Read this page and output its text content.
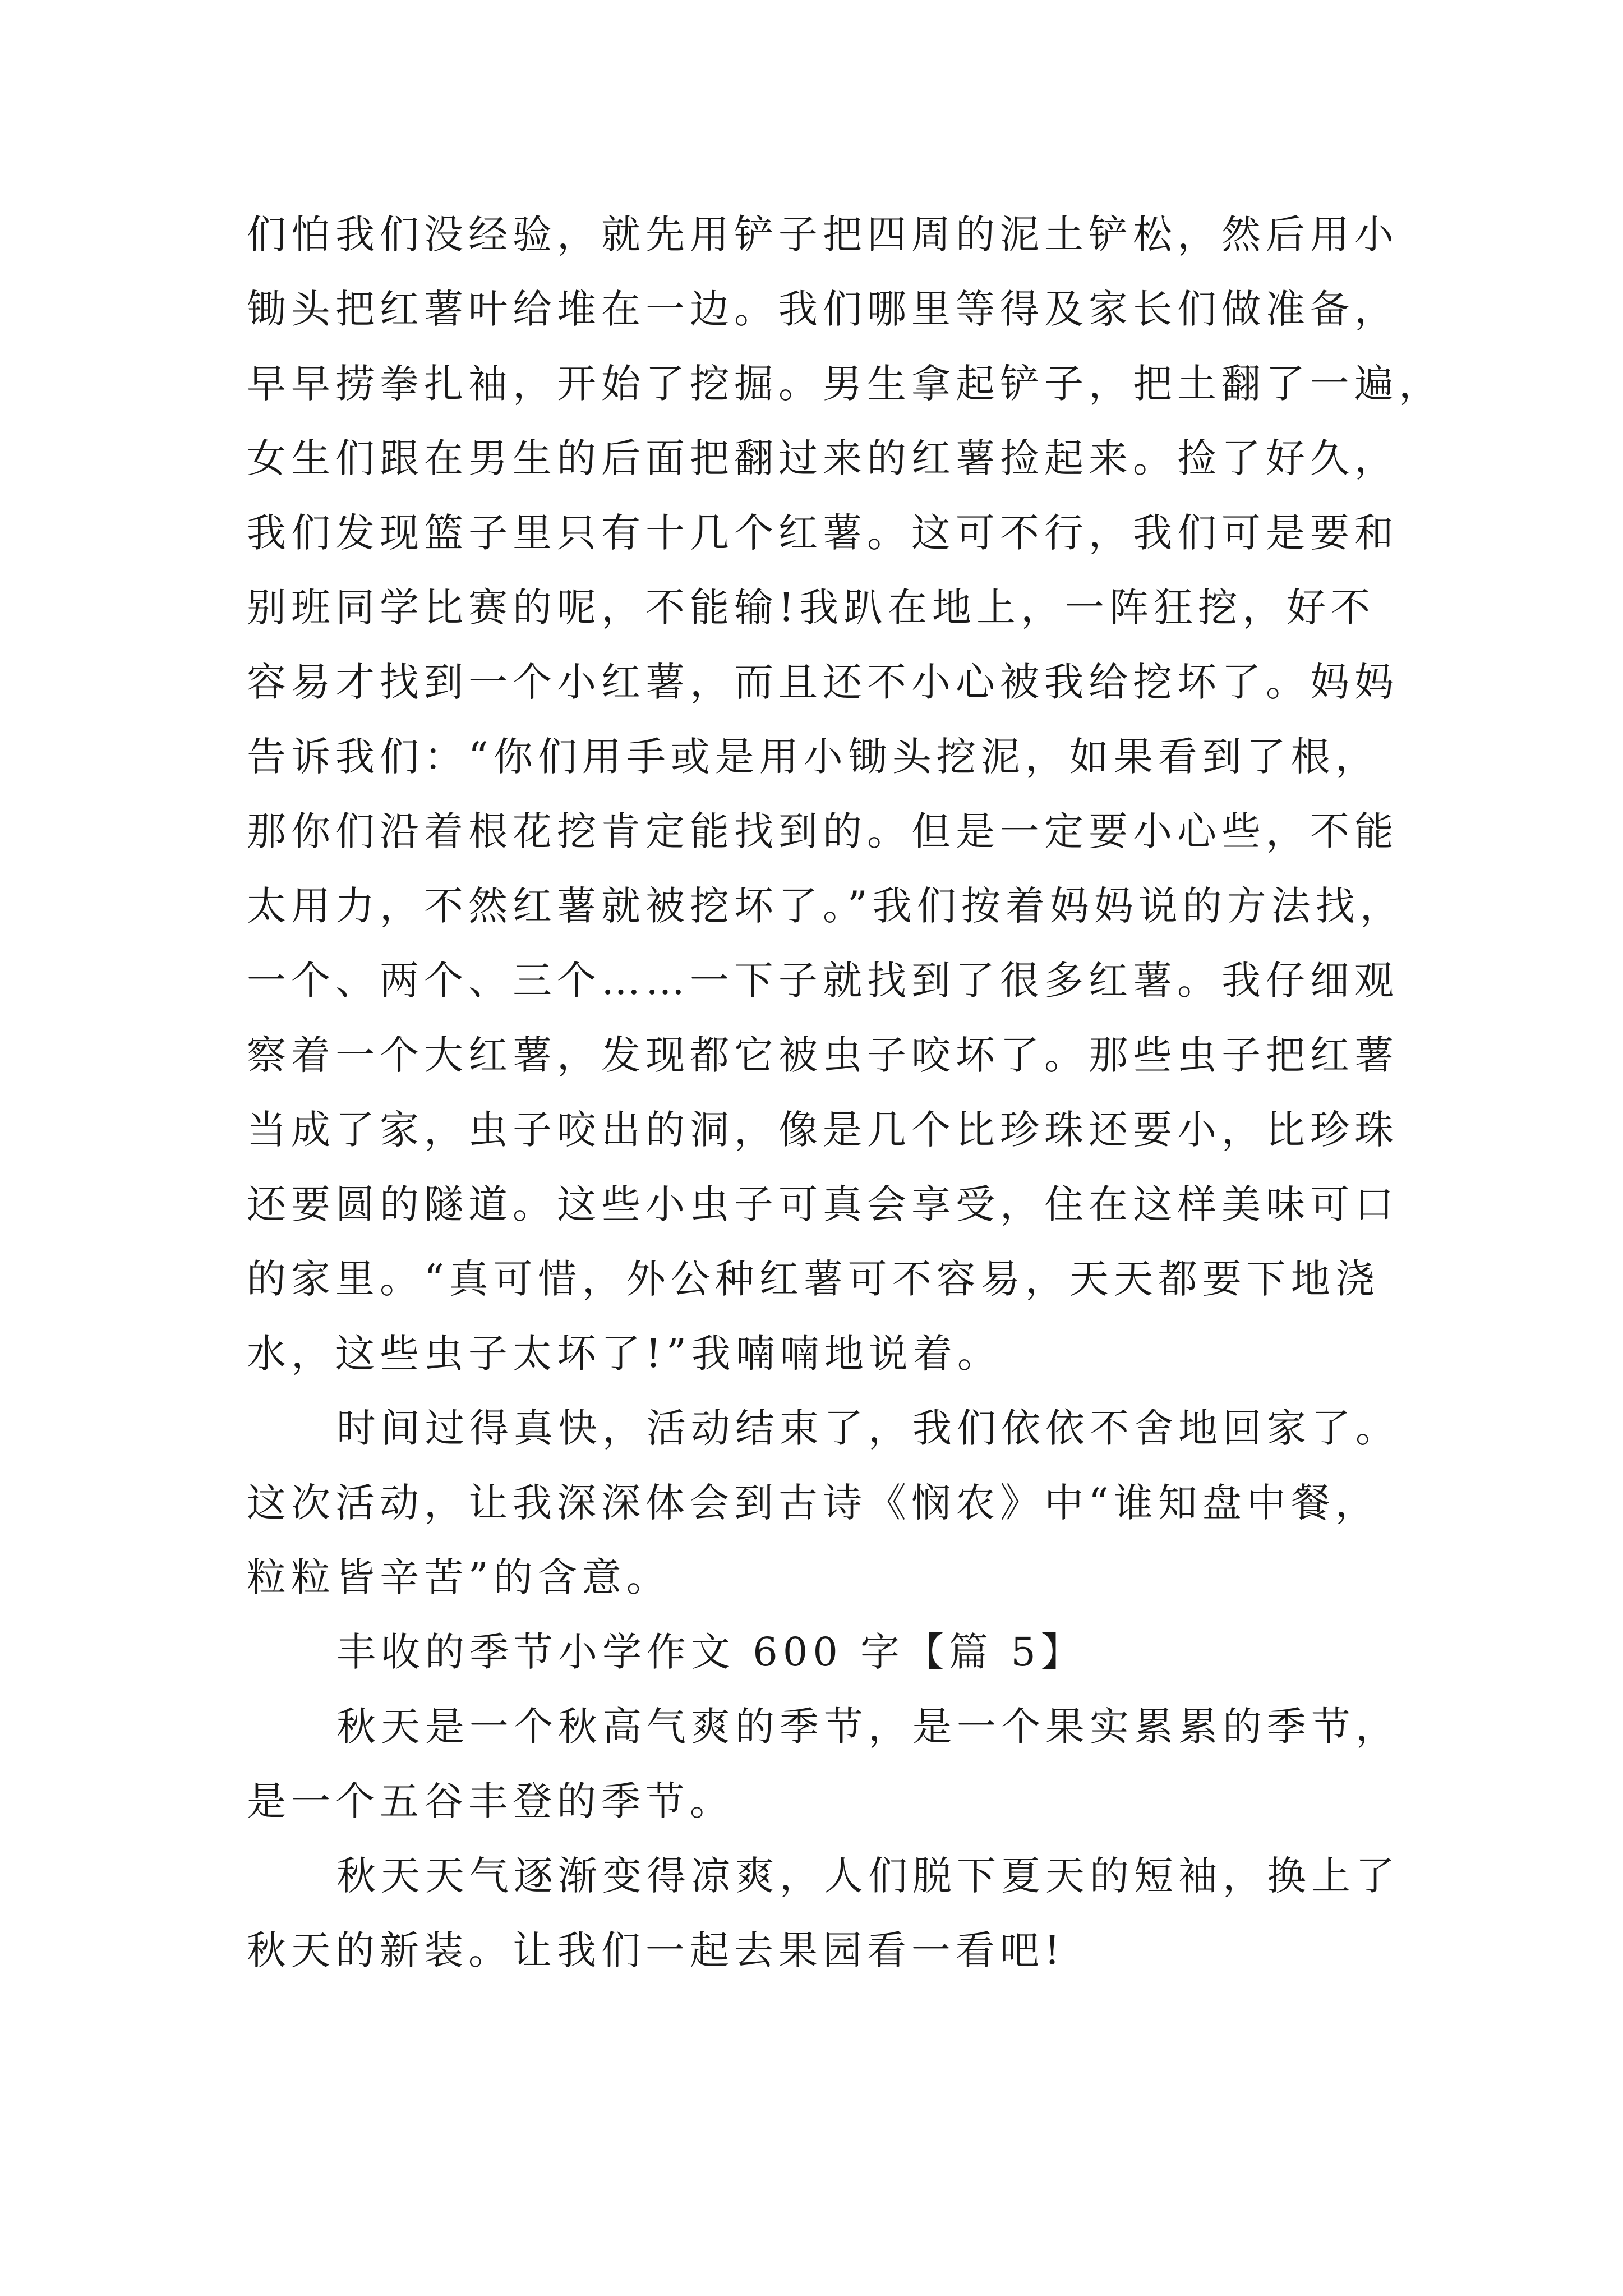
们怕我们没经验，就先用铲子把四周的泥土铲松，然后用小
锄头把红薯叶给堆在一边。我们哪里等得及家长们做准备，
早早捞拳扎袖，开始了挖掘。男生拿起铲子，把土翻了一遍，
女生们跟在男生的后面把翻过来的红薯捡起来。捡了好久，
我们发现篮子里只有十几个红薯。这可不行，我们可是要和
别班同学比赛的呢，不能输!我趴在地上，一阵狂挖，好不
容易才找到一个小红薯，而且还不小心被我给挖坏了。妈妈
告诉我们：“你们用手或是用小锄头挖泥，如果看到了根，
那你们沿着根花挖肯定能找到的。但是一定要小心些，不能
太用力，不然红薯就被挖坏了。”我们按着妈妈说的方法找，
一个、两个、三个……一下子就找到了很多红薯。我仔细观
察着一个大红薯，发现都它被虫子咬坏了。那些虫子把红薯
当成了家，虫子咬出的洞，像是几个比珍珠还要小，比珍珠
还要圆的隧道。这些小虫子可真会享受，住在这样美味可口
的家里。“真可惜，外公种红薯可不容易，天天都要下地浇
水，这些虫子太坏了!”我喃喃地说着。
时间过得真快，活动结束了，我们依依不舍地回家了。
这次活动，让我深深体会到古诗《悯农》中“谁知盘中餐，
粒粒皆辛苦”的含意。
丰收的季节小学作文 600 字【篇 5】
秋天是一个秋高气爽的季节，是一个果实累累的季节，
是一个五谷丰登的季节。
秋天天气逐渐变得凉爽，人们脱下夏天的短袖，换上了
秋天的新装。让我们一起去果园看一看吧!
